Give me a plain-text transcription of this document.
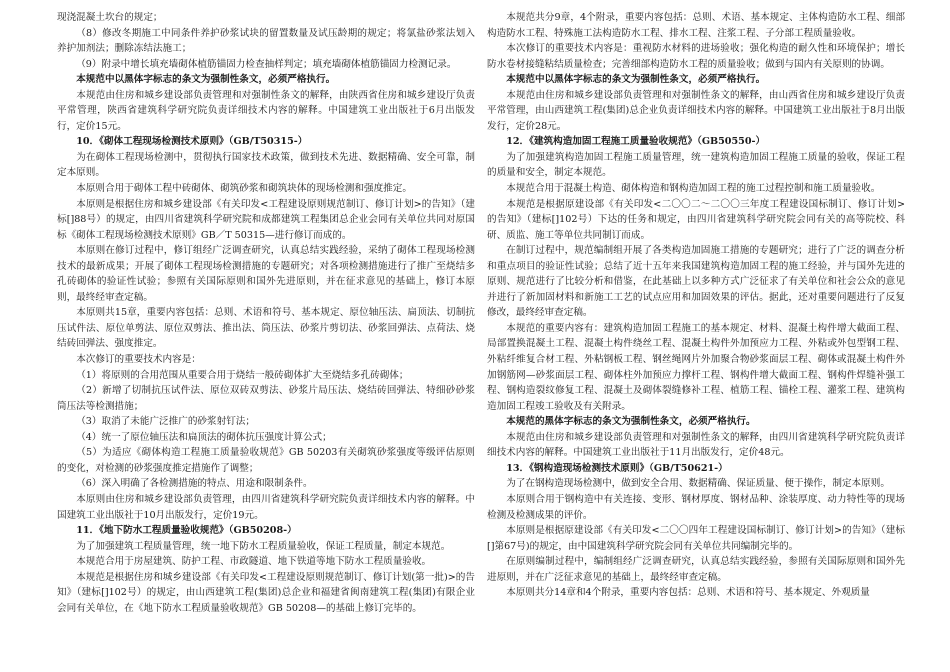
现浇混凝土坎台的规定；

（8）修改冬期施工中同条件养护砂浆试块的留置数量及试压龄期的规定；将氯盐砂浆法划入养护加剂法；删除冻结法施工；

（9）附录中增长填充墙砌体植筋锚固力检查抽样判定；填充墙砌体植筋锚固力检测记录。

本规范中以黑体字标志的条文为强制性条文，必须严格执行。

本规范由住房和城乡建设部负责管理和对强制性条文的解释，由陕西省住房和城乡建设厅负责平常管理，陕西省建筑科学研究院负责详细技术内容的解释。中国建筑工业出版社于6月出版发行，定价15元。

10．《砌体工程现场检测技术原则》（GB/T50315-）

为在砌体工程现场检测中，贯彻执行国家技术政策，做到技术先进、数据精确、安全可靠，制定本原则。

本原则合用于砌体工程中砖砌体、砌筑砂浆和砌筑块体的现场检测和强度推定。

本原则是根据住房和城乡建设部《有关印发<工程建设原则规范制订、修订计划>的告知》（建标[]88号）的规定，由四川省建筑科学研究院和成都建筑工程集团总企业会同有关单位共同对原国标《砌体工程现场检测技术原则》GB／T 50315—进行修订而成的。

本原则在修订过程中，修订组经广泛调查研究，认真总结实践经验，采纳了砌体工程现场检测技术的最新成果；开展了砌体工程现场检测措施的专题研究；对各项检测措施进行了推广至烧结多孔砖砌体的验证性试验；参照有关国际原则和国外先进原则，并在征求意见的基础上，修订本原则，最终经审查定稿。

本原则共15章，重要内容包括：总则、术语和符号、基本规定、原位轴压法、扁顶法、切制抗压试件法、原位单剪法、原位双剪法、推出法、筒压法、砂浆片剪切法、砂浆回弹法、点荷法、烧结砖回弹法、强度推定。

本次修订的重要技术内容是：

（1）将原则的合用范围从重要合用于烧结一般砖砌体扩大至烧结多孔砖砌体；

（2）新增了切制抗压试件法、原位双砖双剪法、砂浆片局压法、烧结砖回弹法、特细砂砂浆筒压法等检测措施；

（3）取消了未能广泛推广的砂浆射钉法；

（4）统一了原位轴压法和扁顶法的砌体抗压强度计算公式；

（5）为适应《砌体构造工程施工质量验收规范》GB 50203有关砌筑砂浆强度等级评估原则的变化，对检测的砂浆强度推定措施作了调整；

（6）深入明确了各检测措施的特点、用途和限制条件。

本原则由住房和城乡建设部负责管理，由四川省建筑科学研究院负责详细技术内容的解释。中国建筑工业出版社于10月出版发行，定价19元。

11．《地下防水工程质量验收规范》（GB50208-）

为了加强建筑工程质量管理，统一地下防水工程质量验收，保证工程质量，制定本规范。

本规范合用于房屋建筑、防护工程、市政隧道、地下铁道等地下防水工程质量验收。

本规范是根据住房和城乡建设部《有关印发<工程建设原则规范制订、修订计划(第一批)>的告知》（建标[]102号）的规定，由山西建筑工程(集团)总企业和福建省闽南建筑工程(集团)有限企业会同有关单位，在《地下防水工程质量验收规范》GB 50208—的基础上修订完毕的。

本规范共分9章，4个附录，重要内容包括：总则、术语、基本规定、主体构造防水工程、细部构造防水工程、特殊施工法构造防水工程、排水工程、注浆工程、子分部工程质量验收。

本次修订的重要技术内容是：重视防水材料的进场验收；强化构造的耐久性和环境保护；增长防水卷材接缝粘结质量检查；完善细部构造防水工程的质量验收；做到与国内有关原则的协调。

本规范中以黑体字标志的条文为强制性条文，必须严格执行。

本规范由住房和城乡建设部负责管理和对强制性条文的解释，由山西省住房和城乡建设厅负责平常管理，由山西建筑工程(集团)总企业负责详细技术内容的解释。中国建筑工业出版社于8月出版发行，定价28元。

12．《建筑构造加固工程施工质量验收规范》（GB50550-）

为了加强建筑构造加固工程施工质量管理，统一建筑构造加固工程施工质量的验收，保证工程的质量和安全，制定本规范。

本规范合用于混凝土构造、砌体构造和钢构造加固工程的施工过程控制和施工质量验收。

本规范是根据原建设部《有关印发<二〇〇二～二〇〇三年度工程建设国标制订、修订计划>的告知》（建标[]102号）下达的任务和规定，由四川省建筑科学研究院会同有关的高等院校、科研、质监、施工等单位共同制订而成。

在制订过程中，规范编制组开展了各类构造加固施工措施的专题研究；进行了广泛的调查分析和重点项目的验证性试验；总结了近十五年来我国建筑构造加固工程的施工经验，并与国外先进的原则、规范进行了比较分析和借鉴，在此基础上以多种方式广泛征求了有关单位和社会公众的意见并进行了新加固材料和新施工工艺的试点应用和加固效果的评估。据此，还对重要问题进行了反复修改，最终经审查定稿。

本规范的重要内容有：建筑构造加固工程施工的基本规定、材料、混凝土构件增大截面工程、局部置换混凝土工程、混凝土构件绕丝工程、混凝土构件外加预应力工程、外粘或外包型钢工程、外粘纤维复合材工程、外粘钢板工程、钢丝绳网片外加聚合物砂浆面层工程、砌体或混凝土构件外加钢筋网—砂浆面层工程、砌体柱外加预应力撑杆工程、钢构件增大截面工程、钢构件焊缝补强工程、钢构造裂纹修复工程、混凝土及砌体裂缝修补工程、植筋工程、锚栓工程、灌浆工程、建筑构造加固工程竣工验收及有关附录。

本规范的黑体字标志的条文为强制性条文，必须严格执行。

本规范由住房和城乡建设部负责管理和对强制性条文的解释，由四川省建筑科学研究院负责详细技术内容的解释。中国建筑工业出版社于11月出版发行，定价48元。

13．《钢构造现场检测技术原则》（GB/T50621-）

为了在钢构造现场检测中，做到安全合用、数据精确、保证质量、便于操作，制定本原则。

本原则合用于钢构造中有关连接、变形、钢材厚度、钢材品种、涂装厚度、动力特性等的现场检测及检测成果的评价。

本原则是根据原建设部《有关印发<二〇〇四年工程建设国标制订、修订计划>的告知》（建标[]第67号)的规定，由中国建筑科学研究院会同有关单位共同编制完毕的。

在原则编制过程中，编制组经广泛调查研究，认真总结实践经验，参照有关国际原则和国外先进原则，并在广泛征求意见的基础上，最终经审查定稿。

本原则共分14章和4个附录，重要内容包括：总则、术语和符号、基本规定、外观质量
